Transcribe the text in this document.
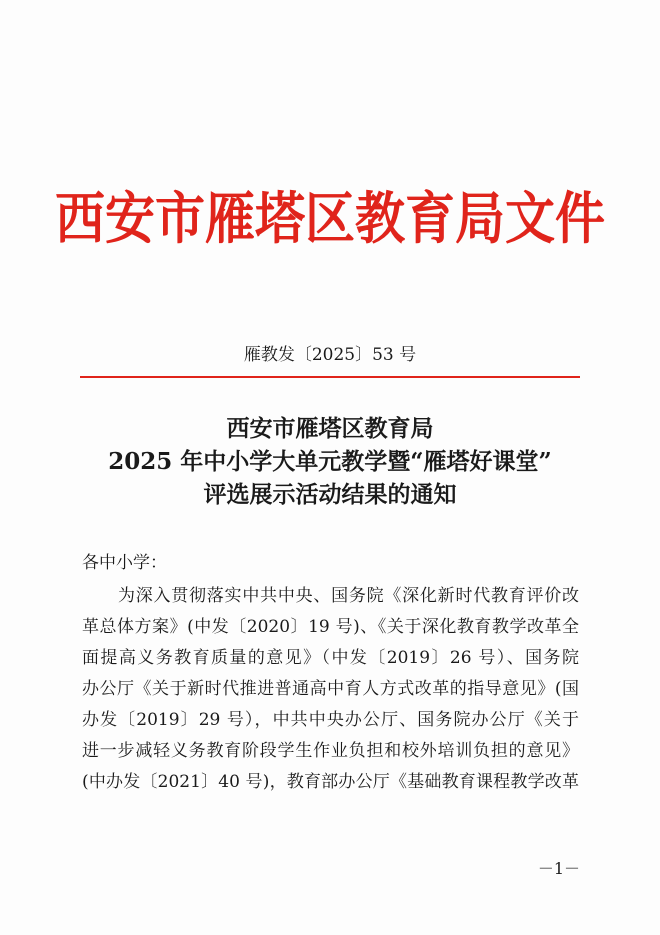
西安市雁塔区教育局文件
雁教发〔2025〕53 号
西安市雁塔区教育局
2025 年中小学大单元教学暨“雁塔好课堂”
评选展示活动结果的通知
各中小学：
为深入贯彻落实中共中央、国务院《深化新时代教育评价改
革总体方案》(中发〔2020〕19 号)、《关于深化教育教学改革全
面提高义务教育质量的意见》（中发〔2019〕26 号）、国务院
办公厅《关于新时代推进普通高中育人方式改革的指导意见》(国
办发〔2019〕29 号），中共中央办公厅、国务院办公厅《关于
进一步减轻义务教育阶段学生作业负担和校外培训负担的意见》
(中办发〔2021〕40 号)，教育部办公厅《基础教育课程教学改革
－1－
